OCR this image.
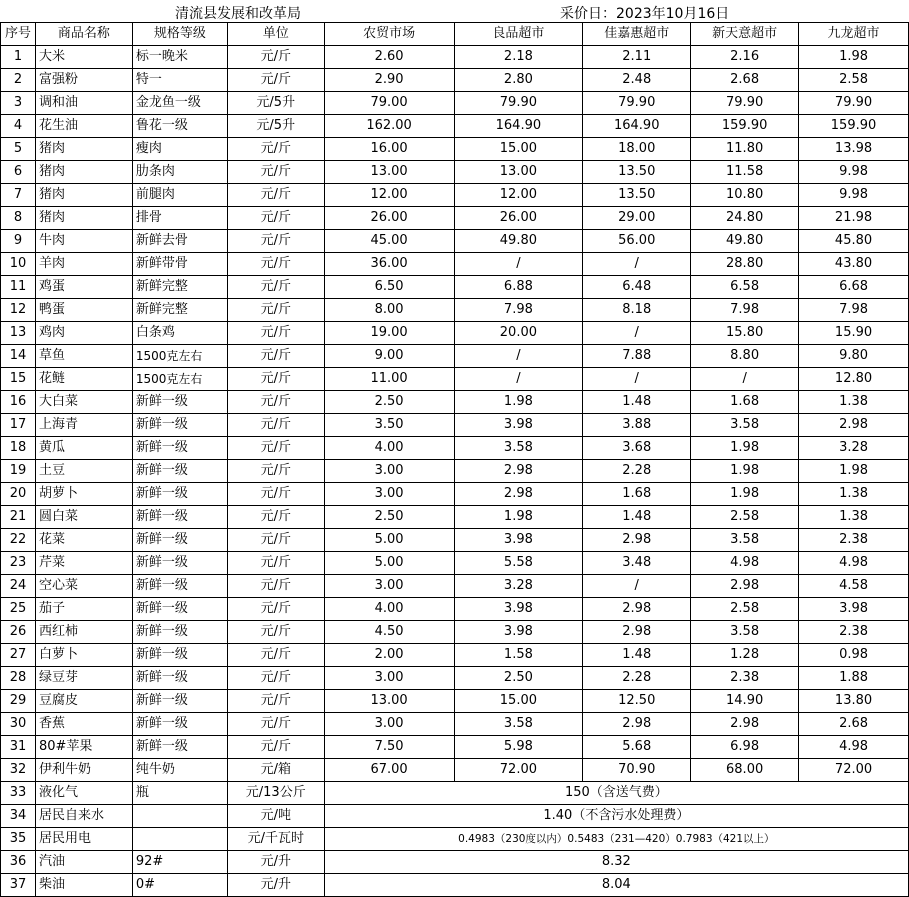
清流县发展和改革局	采价日：2023年10月16日
序号	商品名称	规格等级	单位	农贸市场	良品超市	佳嘉惠超市	新天意超市	九龙超市
1	大米	标一晚米	元/斤	2.60	2.18	2.11	2.16	1.98
2	富强粉	特一	元/斤	2.90	2.80	2.48	2.68	2.58
3	调和油	金龙鱼一级	元/5升	79.00	79.90	79.90	79.90	79.90
4	花生油	鲁花一级	元/5升	162.00	164.90	164.90	159.90	159.90
5	猪肉	瘦肉	元/斤	16.00	15.00	18.00	11.80	13.98
6	猪肉	肋条肉	元/斤	13.00	13.00	13.50	11.58	9.98
7	猪肉	前腿肉	元/斤	12.00	12.00	13.50	10.80	9.98
8	猪肉	排骨	元/斤	26.00	26.00	29.00	24.80	21.98
9	牛肉	新鲜去骨	元/斤	45.00	49.80	56.00	49.80	45.80
10	羊肉	新鲜带骨	元/斤	36.00	/	/	28.80	43.80
11	鸡蛋	新鲜完整	元/斤	6.50	6.88	6.48	6.58	6.68
12	鸭蛋	新鲜完整	元/斤	8.00	7.98	8.18	7.98	7.98
13	鸡肉	白条鸡	元/斤	19.00	20.00	/	15.80	15.90
14	草鱼	1500克左右	元/斤	9.00	/	7.88	8.80	9.80
15	花鲢	1500克左右	元/斤	11.00	/	/	/	12.80
16	大白菜	新鲜一级	元/斤	2.50	1.98	1.48	1.68	1.38
17	上海青	新鲜一级	元/斤	3.50	3.98	3.88	3.58	2.98
18	黄瓜	新鲜一级	元/斤	4.00	3.58	3.68	1.98	3.28
19	土豆	新鲜一级	元/斤	3.00	2.98	2.28	1.98	1.98
20	胡萝卜	新鲜一级	元/斤	3.00	2.98	1.68	1.98	1.38
21	圆白菜	新鲜一级	元/斤	2.50	1.98	1.48	2.58	1.38
22	花菜	新鲜一级	元/斤	5.00	3.98	2.98	3.58	2.38
23	芹菜	新鲜一级	元/斤	5.00	5.58	3.48	4.98	4.98
24	空心菜	新鲜一级	元/斤	3.00	3.28	/	2.98	4.58
25	茄子	新鲜一级	元/斤	4.00	3.98	2.98	2.58	3.98
26	西红柿	新鲜一级	元/斤	4.50	3.98	2.98	3.58	2.38
27	白萝卜	新鲜一级	元/斤	2.00	1.58	1.48	1.28	0.98
28	绿豆芽	新鲜一级	元/斤	3.00	2.50	2.28	2.38	1.88
29	豆腐皮	新鲜一级	元/斤	13.00	15.00	12.50	14.90	13.80
30	香蕉	新鲜一级	元/斤	3.00	3.58	2.98	2.98	2.68
31	80#苹果	新鲜一级	元/斤	7.50	5.98	5.68	6.98	4.98
32	伊利牛奶	纯牛奶	元/箱	67.00	72.00	70.90	68.00	72.00
33	液化气	瓶	元/13公斤	150（含送气费）				
34	居民自来水		元/吨	1.40（不含污水处理费）				
35	居民用电		元/千瓦时	0.4983（230度以内）0.5483（231—420）0.7983（421以上）				
36	汽油	92#	元/升	8.32				
37	柴油	0#	元/升	8.04				
